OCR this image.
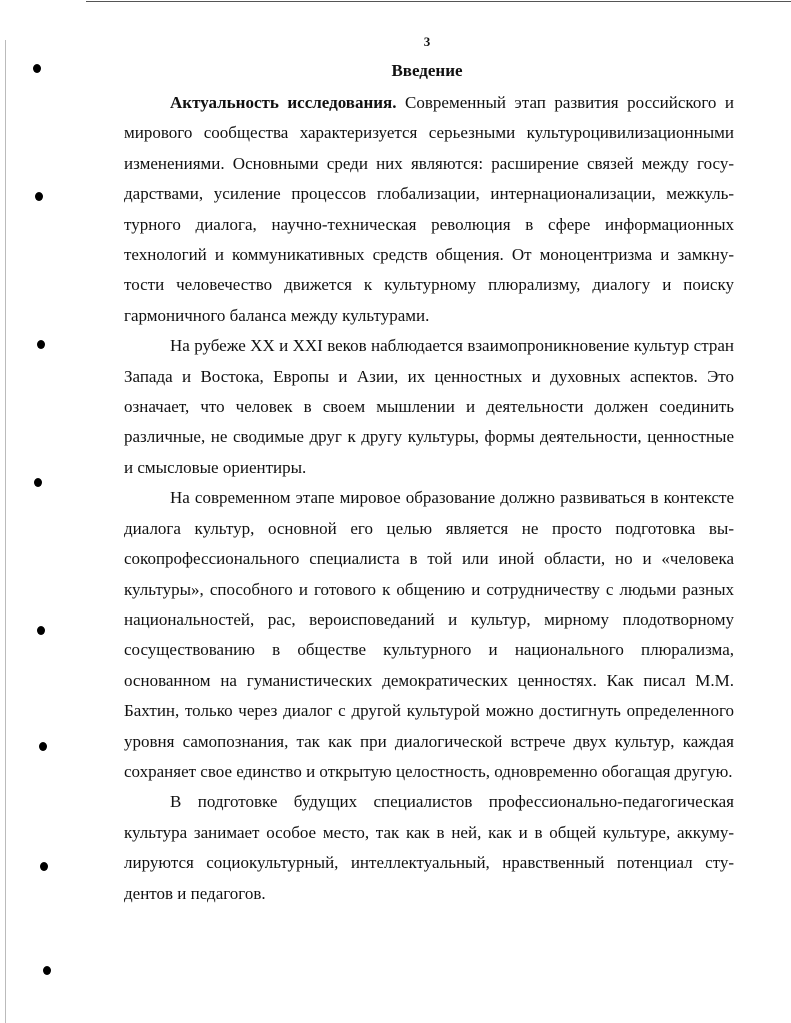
3
Введение

Актуальность исследования. Современный этап развития российского и мирового сообщества характеризуется серьезными культуроцивилизационными изменениями. Основными среди них являются: расширение связей между государствами, усиление процессов глобализации, интернационализации, межкультурного диалога, научно-техническая революция в сфере информационных технологий и коммуникативных средств общения. От моноцентризма и замкнутости человечество движется к культурному плюрализму, диалогу и поиску гармоничного баланса между культурами.

На рубеже XX и XXI веков наблюдается взаимопроникновение культур стран Запада и Востока, Европы и Азии, их ценностных и духовных аспектов. Это означает, что человек в своем мышлении и деятельности должен соединить различные, не сводимые друг к другу культуры, формы деятельности, ценностные и смысловые ориентиры.

На современном этапе мировое образование должно развиваться в контексте диалога культур, основной его целью является не просто подготовка высокопрофессионального специалиста в той или иной области, но и «человека культуры», способного и готового к общению и сотрудничеству с людьми разных национальностей, рас, вероисповеданий и культур, мирному плодотворному сосуществованию в обществе культурного и национального плюрализма, основанном на гуманистических демократических ценностях. Как писал М.М. Бахтин, только через диалог с другой культурой можно достигнуть определенного уровня самопознания, так как при диалогической встрече двух культур, каждая сохраняет свое единство и открытую целостность, одновременно обогащая другую.

В подготовке будущих специалистов профессионально-педагогическая культура занимает особое место, так как в ней, как и в общей культуре, аккумулируются социокультурный, интеллектуальный, нравственный потенциал студентов и педагогов.
